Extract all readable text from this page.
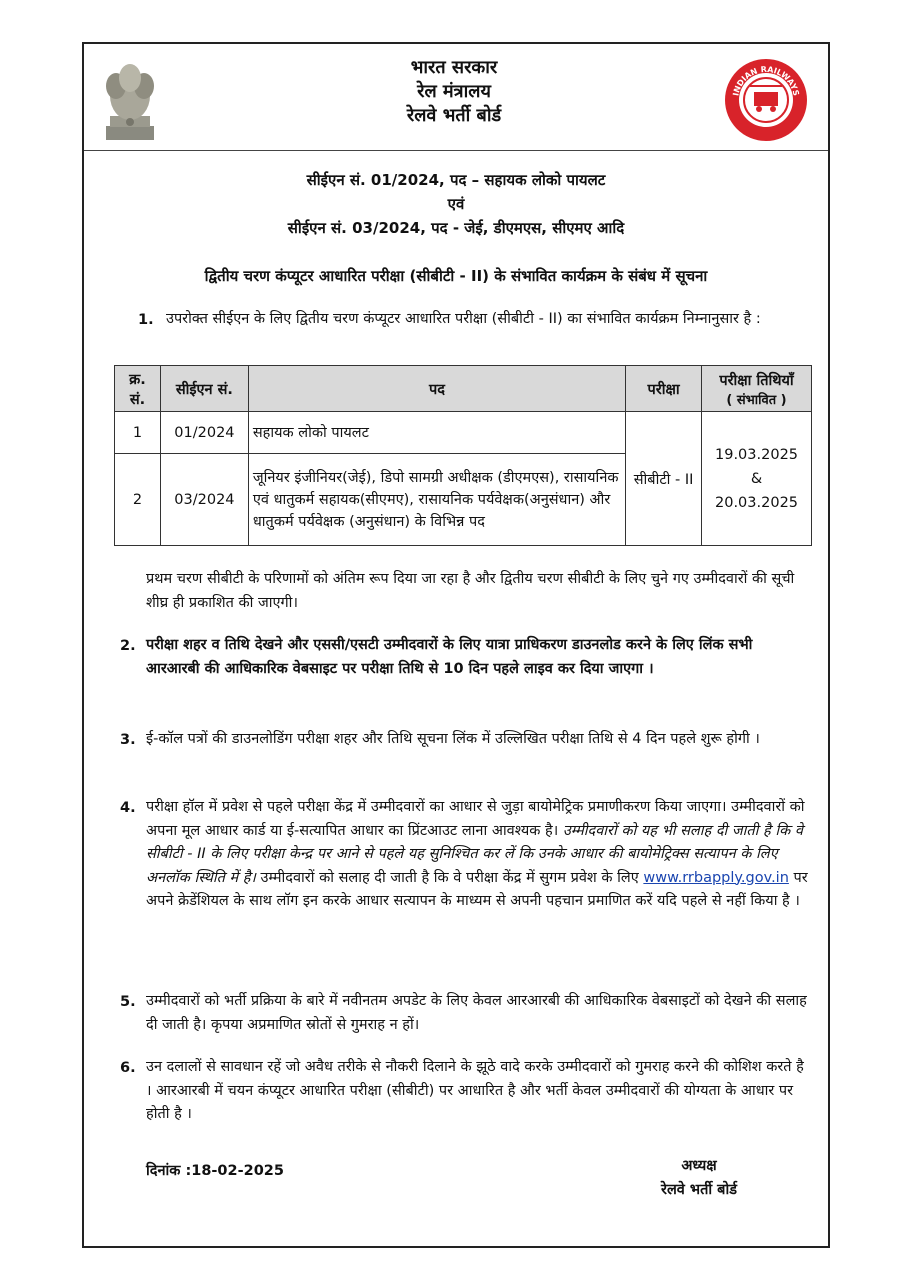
भारत सरकार
रेल मंत्रालय
रेलवे भर्ती बोर्ड
INDIAN RAILWAYS
सीईएन सं. 01/2024, पद – सहायक लोको पायलट
एवं
सीईएन सं. 03/2024, पद - जेई, डीएमएस, सीएमए आदि
द्वितीय चरण कंप्यूटर आधारित परीक्षा (सीबीटी - II) के संभावित कार्यक्रम के संबंध में सूचना
1. उपरोक्त सीईएन के लिए द्वितीय चरण कंप्यूटर आधारित परीक्षा (सीबीटी - II) का संभावित कार्यक्रम निम्नानुसार है :
क्र. सं.	सीईएन सं.	पद	परीक्षा	परीक्षा तिथियाँ
( संभावित )

1	01/2024	सहायक लोको पायलट	सीबीटी - II	19.03.2025
&
20.03.2025

2	03/2024	जूनियर इंजीनियर(जेई), डिपो सामग्री अधीक्षक (डीएमएस), रासायनिक एवं धातुकर्म सहायक(सीएमए), रासायनिक पर्यवेक्षक(अनुसंधान) और धातुकर्म पर्यवेक्षक (अनुसंधान) के विभिन्न पद		
प्रथम चरण सीबीटी के परिणामों को अंतिम रूप दिया जा रहा है और द्वितीय चरण सीबीटी के लिए चुने गए उम्मीदवारों की सूची शीघ्र ही प्रकाशित की जाएगी।
2. परीक्षा शहर व तिथि देखने और एससी/एसटी उम्मीदवारों के लिए यात्रा प्राधिकरण डाउनलोड करने के लिए लिंक सभी आरआरबी की आधिकारिक वेबसाइट पर परीक्षा तिथि से 10 दिन पहले लाइव कर दिया जाएगा ।
3. ई-कॉल पत्रों की डाउनलोडिंग परीक्षा शहर और तिथि सूचना लिंक में उल्लिखित परीक्षा तिथि से 4 दिन पहले शुरू होगी ।
4. परीक्षा हॉल में प्रवेश से पहले परीक्षा केंद्र में उम्मीदवारों का आधार से जुड़ा बायोमेट्रिक प्रमाणीकरण किया जाएगा। उम्मीदवारों को अपना मूल आधार कार्ड या ई-सत्यापित आधार का प्रिंटआउट लाना आवश्यक है। उम्मीदवारों को यह भी सलाह दी जाती है कि वे सीबीटी - II के लिए परीक्षा केन्द्र पर आने से पहले यह सुनिश्चित कर लें कि उनके आधार की बायोमेट्रिक्स सत्यापन के लिए अनलॉक स्थिति में है। उम्मीदवारों को सलाह दी जाती है कि वे परीक्षा केंद्र में सुगम प्रवेश के लिए www.rrbapply.gov.in पर अपने क्रेडेंशियल के साथ लॉग इन करके आधार सत्यापन के माध्यम से अपनी पहचान प्रमाणित करें यदि पहले से नहीं किया है ।
5. उम्मीदवारों को भर्ती प्रक्रिया के बारे में नवीनतम अपडेट के लिए केवल आरआरबी की आधिकारिक वेबसाइटों को देखने की सलाह दी जाती है। कृपया अप्रमाणित स्रोतों से गुमराह न हों।
6. उन दलालों से सावधान रहें जो अवैध तरीके से नौकरी दिलाने के झूठे वादे करके उम्मीदवारों को गुमराह करने की कोशिश करते है । आरआरबी में चयन कंप्यूटर आधारित परीक्षा (सीबीटी) पर आधारित है और भर्ती केवल उम्मीदवारों की योग्यता के आधार पर होती है ।
दिनांक :18-02-2025	अध्यक्ष
रेलवे भर्ती बोर्ड
